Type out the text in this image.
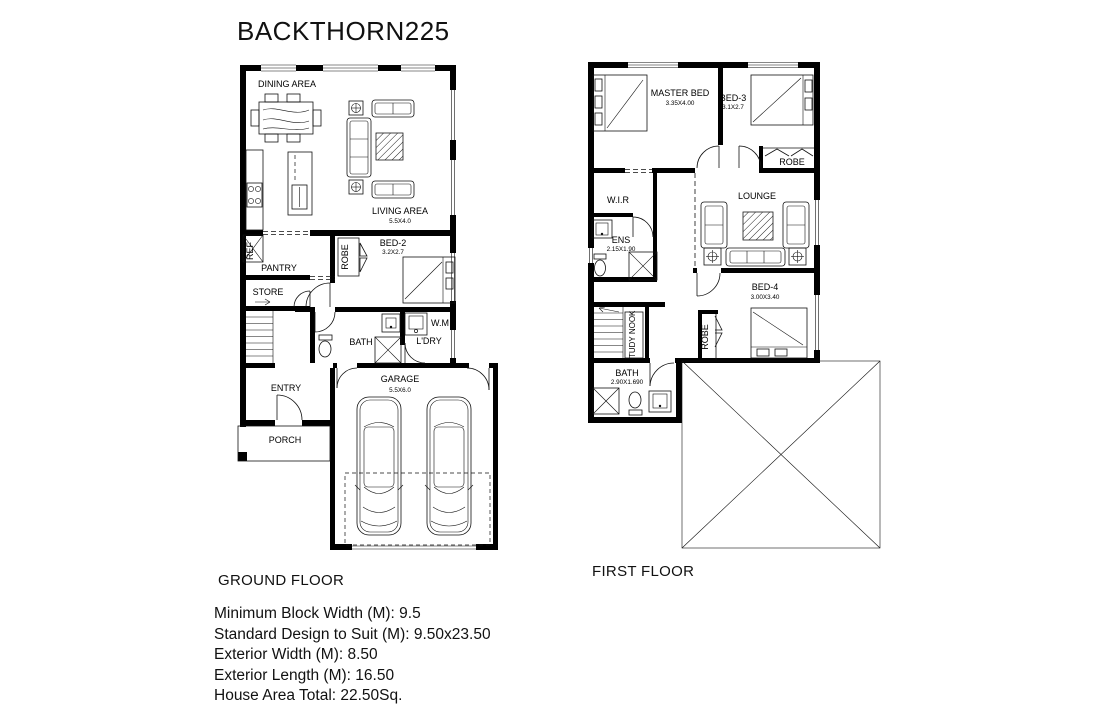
BACKTHORN225
DINING AREA
LIVING AREA
5.5X4.0
REF
PANTRY	ROBE
BED-2
3.2X2.7
STORE
BATH
W.M
L'DRY
ENTRY
PORCH
GARAGE
5.5X6.0
MASTER BED
3.35X4.00
BED-3
3.1X2.7
ROBE
W.I.R
ENS
2.15X1.90
LOUNGE
BED-4
3.00X3.40
STUDY NOOK	ROBE
BATH
2.90X1.690
GROUND FLOOR
FIRST FLOOR
Minimum Block Width (M): 9.5
Standard Design to Suit (M): 9.50x23.50
Exterior Width (M): 8.50
Exterior Length (M): 16.50
House Area Total: 22.50Sq.
